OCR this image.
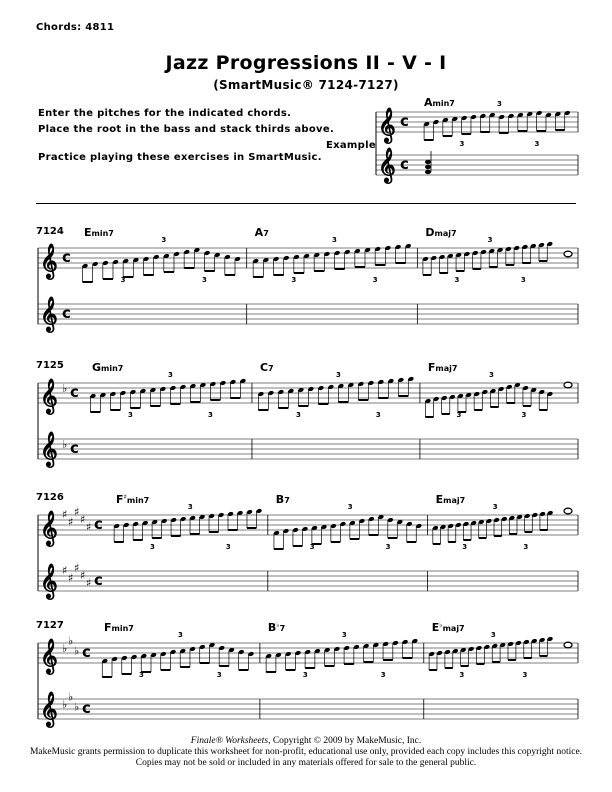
Chords: 4811
Jazz Progressions II - V - I
(SmartMusic® 7124-7127)
Enter the pitches for the indicated chords.
Place the root in the bass and stack thirds above.
Practice playing these exercises in SmartMusic.
Example
𝄞
𝄞
c
c
Amin7
3
3
3
7124
𝄞
𝄞
c
c
Emin7
3
3
3
A7
3
3
3
Dmaj7
3
3
3
7125
𝄞
𝄞
♭
♭
c
c
Gmin7
3
3
3
C7
3
3
3
Fmaj7
3
3
3
7126
𝄞
𝄞
♯
♯
♯
♯
♯
♯
♯
♯
♯
♯
c
c
$F^♯_{min7}$
3
3
3
B7
3
3
3
Emaj7
3
3
3
7127
𝄞
𝄞
♭
♭
♭
♭
♭
♭
c
c
Fmin7
3
3
3
$B^♭_7$
3
3
3
$E^♭_{maj7}$
3
3
3
Finale® Worksheets, Copyright © 2009 by MakeMusic, Inc.
MakeMusic grants permission to duplicate this worksheet for non-profit, educational use only, provided each copy includes this copyright notice.
Copies may not be sold or included in any materials offered for sale to the general public.
